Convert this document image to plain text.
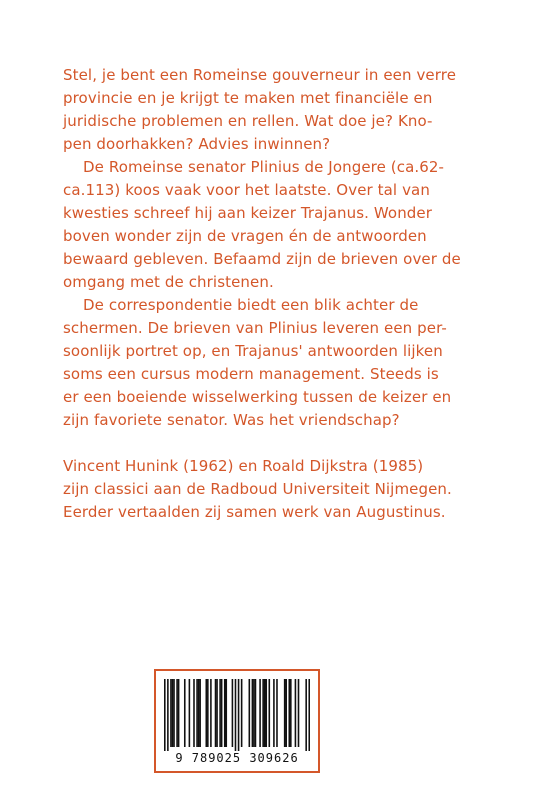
Stel, je bent een Romeinse gouverneur in een verre
provincie en je krijgt te maken met financiële en
juridische problemen en rellen. Wat doe je? Kno-
pen doorhakken? Advies inwinnen?
De Romeinse senator Plinius de Jongere (ca.62-
ca.113) koos vaak voor het laatste. Over tal van
kwesties schreef hij aan keizer Trajanus. Wonder
boven wonder zijn de vragen én de antwoorden
bewaard gebleven. Befaamd zijn de brieven over de
omgang met de christenen.
De correspondentie biedt een blik achter de
schermen. De brieven van Plinius leveren een per-
soonlijk portret op, en Trajanus' antwoorden lijken
soms een cursus modern management. Steeds is
er een boeiende wisselwerking tussen de keizer en
zijn favoriete senator. Was het vriendschap?
Vincent Hunink (1962) en Roald Dijkstra (1985)
zijn classici aan de Radboud Universiteit Nijmegen.
Eerder vertaalden zij samen werk van Augustinus.
9 789025 309626
